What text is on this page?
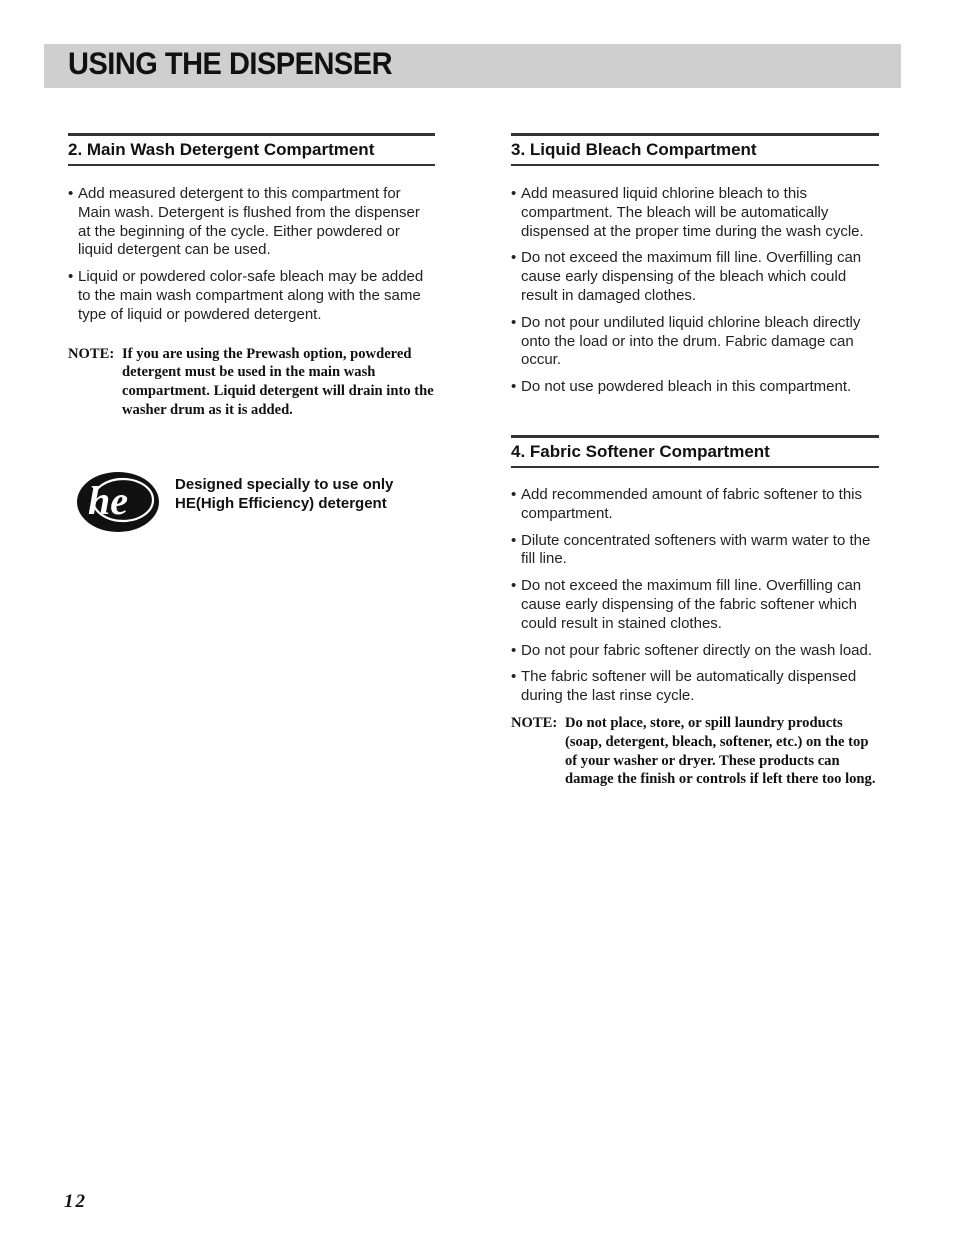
USING THE DISPENSER
2. Main Wash Detergent Compartment
• Add measured detergent to this compartment for Main wash. Detergent is flushed from the dispenser at the beginning of the cycle. Either powdered or liquid detergent can be used.
• Liquid or powdered color-safe bleach may be added to the main wash compartment along with the same type of liquid or powdered detergent.
NOTE: If you are using the Prewash option, powdered detergent must be used in the main wash compartment. Liquid detergent will drain into the washer drum as it is added.
he	Designed specially to use only
HE(High Efficiency) detergent
3. Liquid Bleach Compartment
• Add measured liquid chlorine bleach to this compartment. The bleach will be automatically dispensed at the proper time during the wash cycle.
• Do not exceed the maximum fill line. Overfilling can cause early dispensing of the bleach which could result in damaged clothes.
• Do not pour undiluted liquid chlorine bleach directly onto the load or into the drum. Fabric damage can occur.
• Do not use powdered bleach in this compartment.
4. Fabric Softener Compartment
• Add recommended amount of fabric softener to this compartment.
• Dilute concentrated softeners with warm water to the fill line.
• Do not exceed the maximum fill line. Overfilling can cause early dispensing of the fabric softener which could result in stained clothes.
• Do not pour fabric softener directly on the wash load.
• The fabric softener will be automatically dispensed during the last rinse cycle.
NOTE: Do not place, store, or spill laundry products (soap, detergent, bleach, softener, etc.) on the top of your washer or dryer. These products can damage the finish or controls if left there too long.
12
